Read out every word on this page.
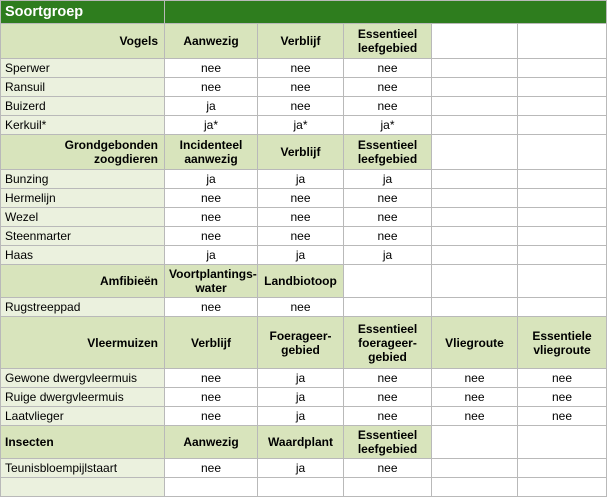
Soortgroep					
Vogels	Aanwezig	Verblijf	Essentieel leefgebied		
Sperwer	nee	nee	nee		
Ransuil	nee	nee	nee		
Buizerd	ja	nee	nee		
Kerkuil*	ja*	ja*	ja*		
Grondgebonden zoogdieren	Incidenteel aanwezig	Verblijf	Essentieel leefgebied		
Bunzing	ja	ja	ja		
Hermelijn	nee	nee	nee		
Wezel	nee	nee	nee		
Steenmarter	nee	nee	nee		
Haas	ja	ja	ja		
Amfibieën	Voortplantings-water	Landbiotoop			
Rugstreeppad	nee	nee			
Vleermuizen	Verblijf	Foerageer-gebied	Essentieel foerageer-gebied	Vliegroute	Essentiele vliegroute
Gewone dwergvleermuis	nee	ja	nee	nee	nee
Ruige dwergvleermuis	nee	ja	nee	nee	nee
Laatvlieger	nee	ja	nee	nee	nee
Insecten	Aanwezig	Waardplant	Essentieel leefgebied		
Teunisbloempijlstaart	nee	ja	nee		
